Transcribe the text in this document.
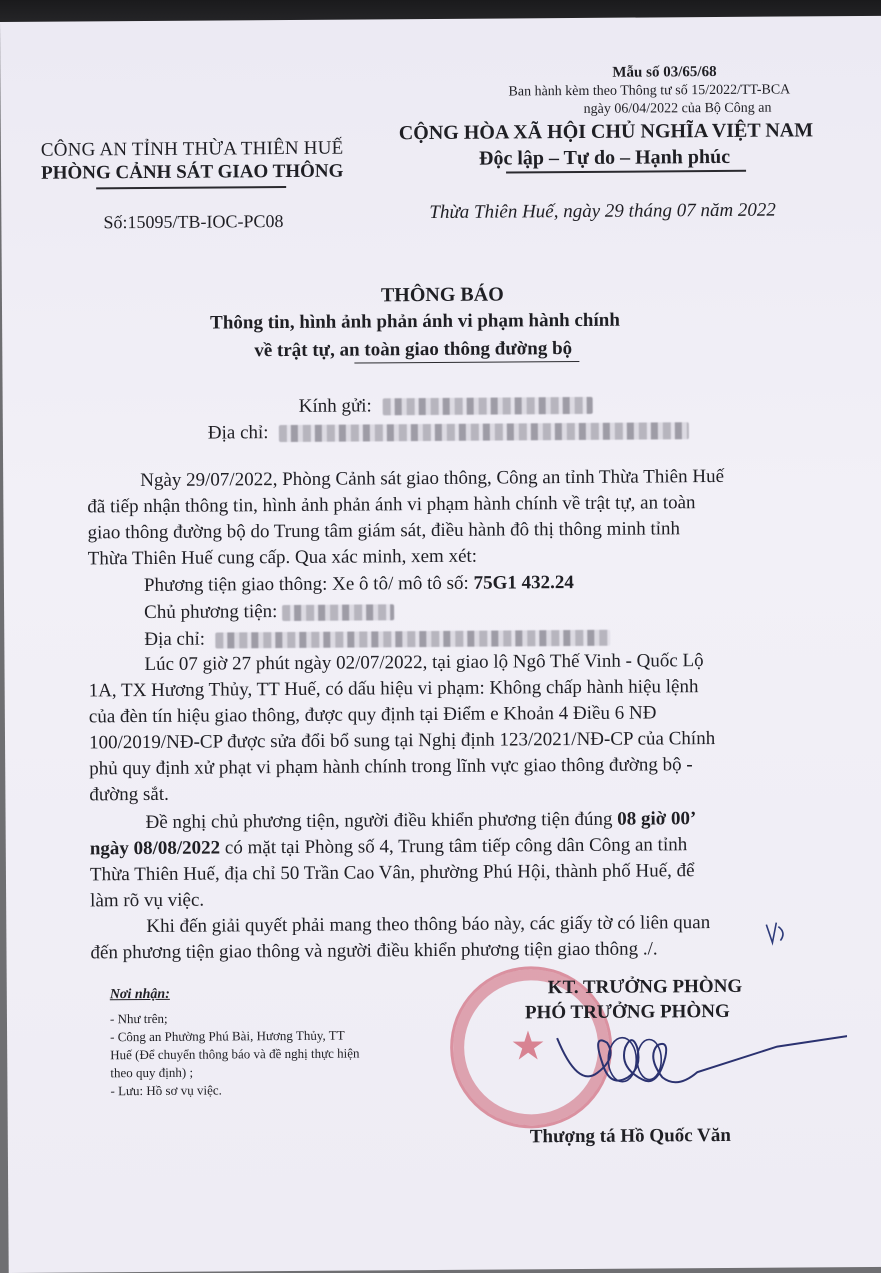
Mẫu số 03/65/68
Ban hành kèm theo Thông tư số 15/2022/TT-BCA
ngày 06/04/2022 của Bộ Công an
CÔNG AN TỈNH THỪA THIÊN HUẾ
PHÒNG CẢNH SÁT GIAO THÔNG
CỘNG HÒA XÃ HỘI CHỦ NGHĨA VIỆT NAM
Độc lập – Tự do – Hạnh phúc
Số:15095/TB-IOC-PC08	Thừa Thiên Huế, ngày 29 tháng 07 năm 2022
THÔNG BÁO
Thông tin, hình ảnh phản ánh vi phạm hành chính
về trật tự, an toàn giao thông đường bộ
Kính gửi:
Địa chỉ:
Ngày 29/07/2022, Phòng Cảnh sát giao thông, Công an tỉnh Thừa Thiên Huế
đã tiếp nhận thông tin, hình ảnh phản ánh vi phạm hành chính về trật tự, an toàn
giao thông đường bộ do Trung tâm giám sát, điều hành đô thị thông minh tỉnh
Thừa Thiên Huế cung cấp. Qua xác minh, xem xét:
Phương tiện giao thông: Xe ô tô/ mô tô số: 75G1 432.24
Chủ phương tiện:
Địa chỉ:
Lúc 07 giờ 27 phút ngày 02/07/2022, tại giao lộ Ngô Thế Vinh - Quốc Lộ
1A, TX Hương Thủy, TT Huế, có dấu hiệu vi phạm: Không chấp hành hiệu lệnh
của đèn tín hiệu giao thông, được quy định tại Điểm e Khoản 4 Điều 6 NĐ
100/2019/NĐ-CP được sửa đổi bổ sung tại Nghị định 123/2021/NĐ-CP của Chính
phủ quy định xử phạt vi phạm hành chính trong lĩnh vực giao thông đường bộ -
đường sắt.
Đề nghị chủ phương tiện, người điều khiển phương tiện đúng 08 giờ 00’
ngày 08/08/2022 có mặt tại Phòng số 4, Trung tâm tiếp công dân Công an tỉnh
Thừa Thiên Huế, địa chỉ 50 Trần Cao Vân, phường Phú Hội, thành phố Huế, để
làm rõ vụ việc.
Khi đến giải quyết phải mang theo thông báo này, các giấy tờ có liên quan
đến phương tiện giao thông và người điều khiển phương tiện giao thông ./.
Nơi nhận:
- Như trên;
- Công an Phường Phú Bài, Hương Thủy, TT
Huế (Để chuyển thông báo và đề nghị thực hiện
theo quy định) ;
- Lưu: Hồ sơ vụ việc.
★
KT. TRƯỞNG PHÒNG
PHÓ TRƯỞNG PHÒNG
Thượng tá Hồ Quốc Văn
